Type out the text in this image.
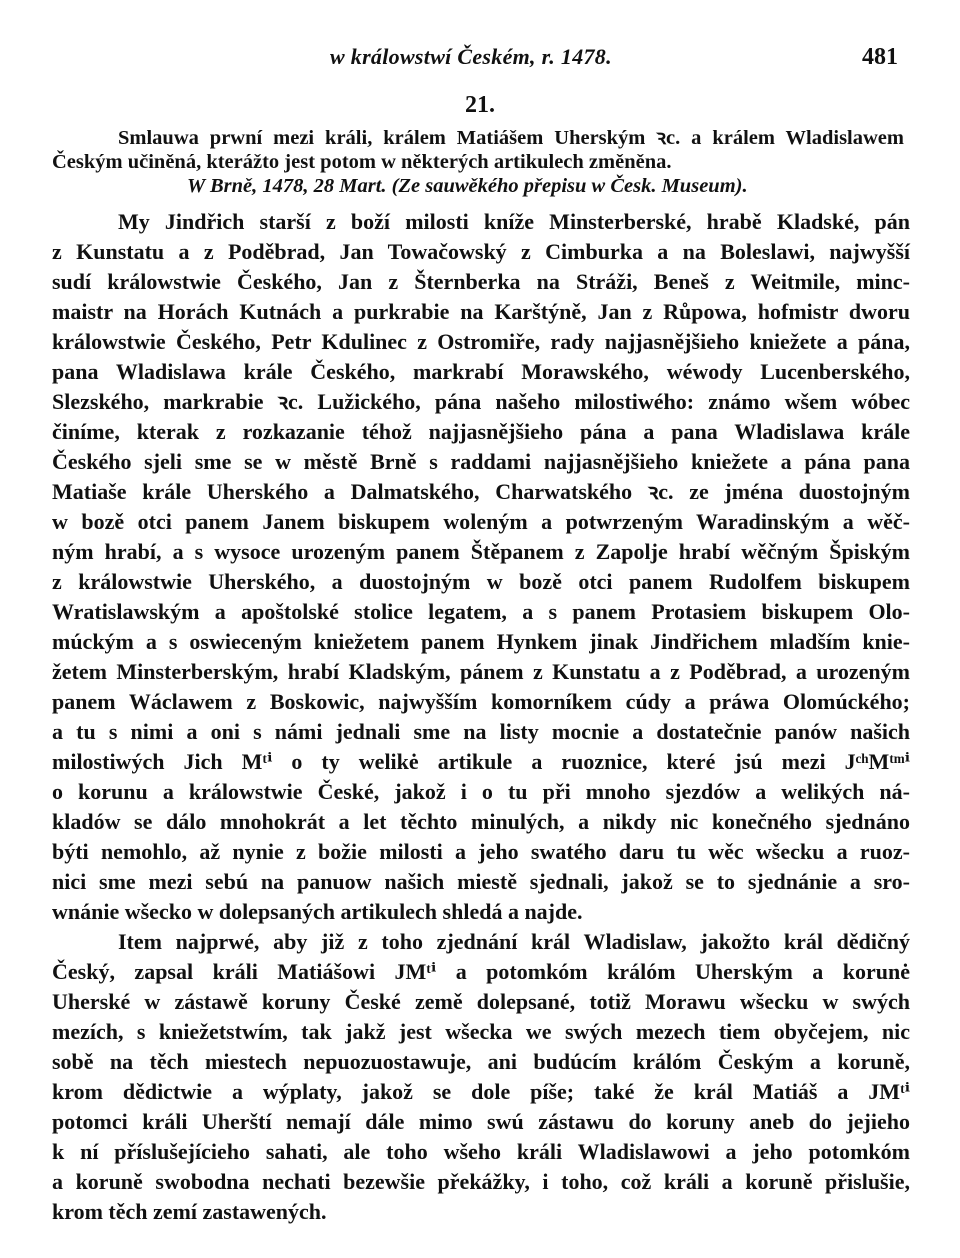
w králowstwí Českém, r. 1478.	481
21.
Smlauwa prwní mezi králi, králem Matiášem Uherským ꝛc. a králem Wladislawem Českým učiněná, kterážto jest potom w některých artikulech změněna.
W Brně, 1478, 28 Mart. (Ze sauwěkého přepisu w Česk. Museum).
My Jindřich starší z boží milosti kníže Minsterberské, hrabě Kladské, pán
z Kunstatu a z Poděbrad, Jan Towačowský z Cimburka a na Boleslawi, najwyšší
sudí králowstwie Českého, Jan z Šternberka na Stráži, Beneš z Weitmile, minc-
maistr na Horách Kutnách a purkrabie na Karštýně, Jan z Růpowa, hofmistr dworu
králowstwie Českého, Petr Kdulinec z Ostromiře, rady najjasnějšieho kniežete a pána,
pana Wladislawa krále Českého, markrabí Morawského, wéwody Lucenberského,
Slezského, markrabie ꝛc. Lužického, pána našeho milostiwého: známo wšem wóbec
činíme, kterak z rozkazanie téhož najjasnějšieho pána a pana Wladislawa krále
Českého sjeli sme se w městě Brně s raddami najjasnějšieho kniežete a pána pana
Matiaše krále Uherského a Dalmatského, Charwatského ꝛc. ze jména duostojným
w bozě otci panem Janem biskupem woleným a potwrzeným Waradinským a wěč-
ným hrabí, a s wysoce urozeným panem Štěpanem z Zapolje hrabí wěčným Špiským
z králowstwie Uherského, a duostojným w bozě otci panem Rudolfem biskupem
Wratislawským a apoštolské stolice legatem, a s panem Protasiem biskupem Olo-
múckým a s oswieceným kniežetem panem Hynkem jinak Jindřichem mladším knie-
žetem Minsterberským, hrabí Kladským, pánem z Kunstatu a z Poděbrad, a urozeným
panem Wáclawem z Boskowic, najwyšším komorníkem cúdy a práwa Olomúckého;
a tu s nimi a oni s námi jednali sme na listy mocnie a dostatečnie panów našich
milostiwých Jich Mᵗⁱ o ty welikė artikule a ruoznice, které jsú mezi JᶜʰMᵗᵐⁱ
o korunu a králowstwie České, jakož i o tu při mnoho sjezdów a welikých ná-
kladów se dálo mnohokrát a let těchto minulých, a nikdy nic konečného sjednáno
býti nemohlo, až nynie z božie milosti a jeho swatého daru tu wěc wšecku a ruoz-
nici sme mezi sebú na panuow našich miestě sjednali, jakož se to sjednánie a sro-
wnánie wšecko w dolepsaných artikulech shledá a najde.
Item najprwé, aby již z toho zjednání král Wladislaw, jakožto král dědičný
Český, zapsal králi Matiášowi JMᵗⁱ a potomkóm králóm Uherským a korunė
Uherské w zástawě koruny České země dolepsané, totiž Morawu wšecku w swých
mezích, s kniežetstwím, tak jakž jest wšecka we swých mezech tiem obyčejem, nic
sobě na těch miestech nepuozuostawuje, ani budúcím králóm Českým a koruně,
krom dědictwie a wýplaty, jakož se dole píše; také že král Matiáš a JMᵗⁱ
potomci králi Uherští nemají dále mimo swú zástawu do koruny aneb do jejieho
k ní příslušejícieho sahati, ale toho wšeho králi Wladislawowi a jeho potomkóm
a koruně swobodna nechati bezewšie překážky, i toho, což králi a koruně přislušie,
krom těch zemí zastawených.
